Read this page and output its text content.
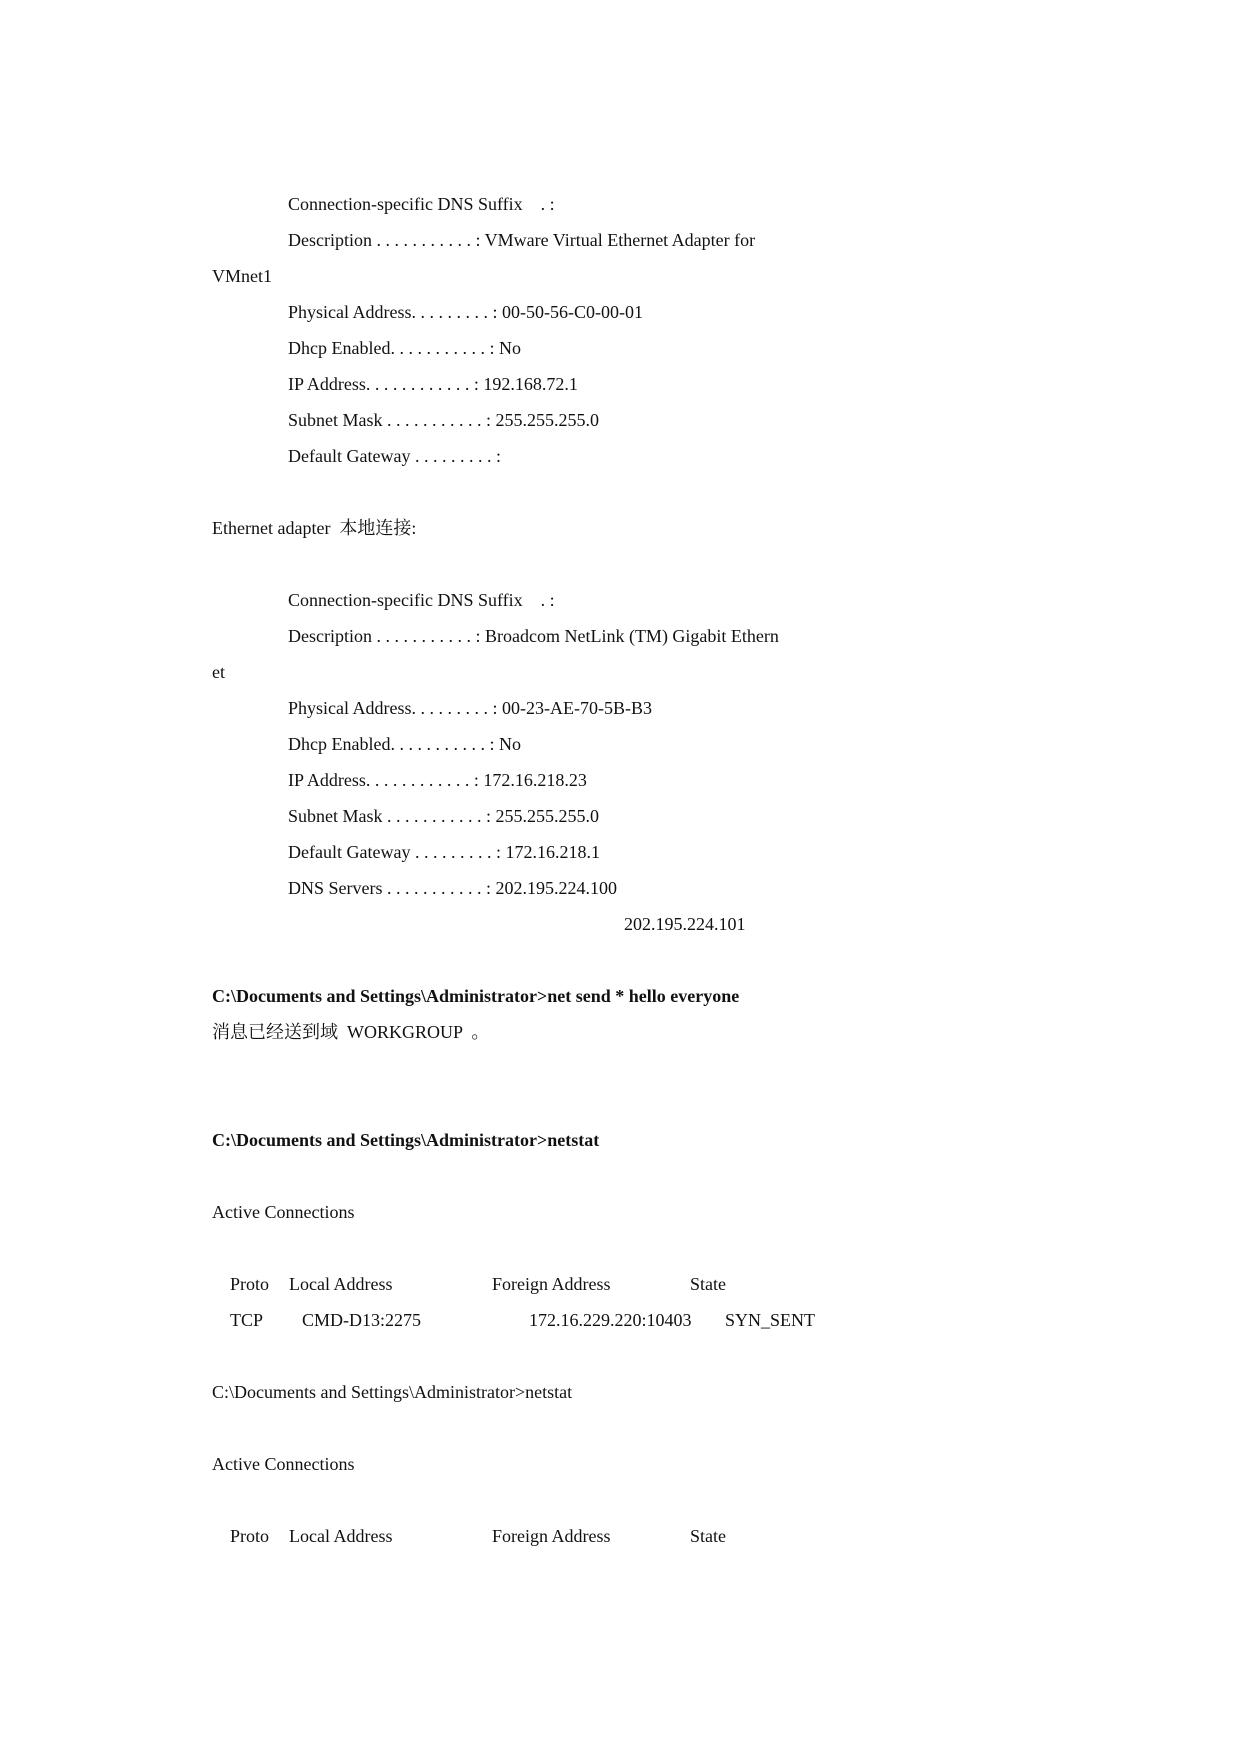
Connection-specific DNS Suffix    . :
Description . . . . . . . . . . . : VMware Virtual Ethernet Adapter for
VMnet1
Physical Address. . . . . . . . . : 00-50-56-C0-00-01
Dhcp Enabled. . . . . . . . . . . : No
IP Address. . . . . . . . . . . . : 192.168.72.1
Subnet Mask . . . . . . . . . . . : 255.255.255.0
Default Gateway . . . . . . . . . :
Ethernet adapter  本地连接:
Connection-specific DNS Suffix    . :
Description . . . . . . . . . . . : Broadcom NetLink (TM) Gigabit Ethern
et
Physical Address. . . . . . . . . : 00-23-AE-70-5B-B3
Dhcp Enabled. . . . . . . . . . . : No
IP Address. . . . . . . . . . . . : 172.16.218.23
Subnet Mask . . . . . . . . . . . : 255.255.255.0
Default Gateway . . . . . . . . . : 172.16.218.1
DNS Servers . . . . . . . . . . . : 202.195.224.100
202.195.224.101
C:\Documents and Settings\Administrator>net send * hello everyone
消息已经送到域  WORKGROUP  。
C:\Documents and Settings\Administrator>netstat
Active Connections
Proto Local Address	Foreign Address	State
TCP CMD-D13:2275	172.16.229.220:10403 SYN_SENT
C:\Documents and Settings\Administrator>netstat
Active Connections
Proto Local Address	Foreign Address	State
